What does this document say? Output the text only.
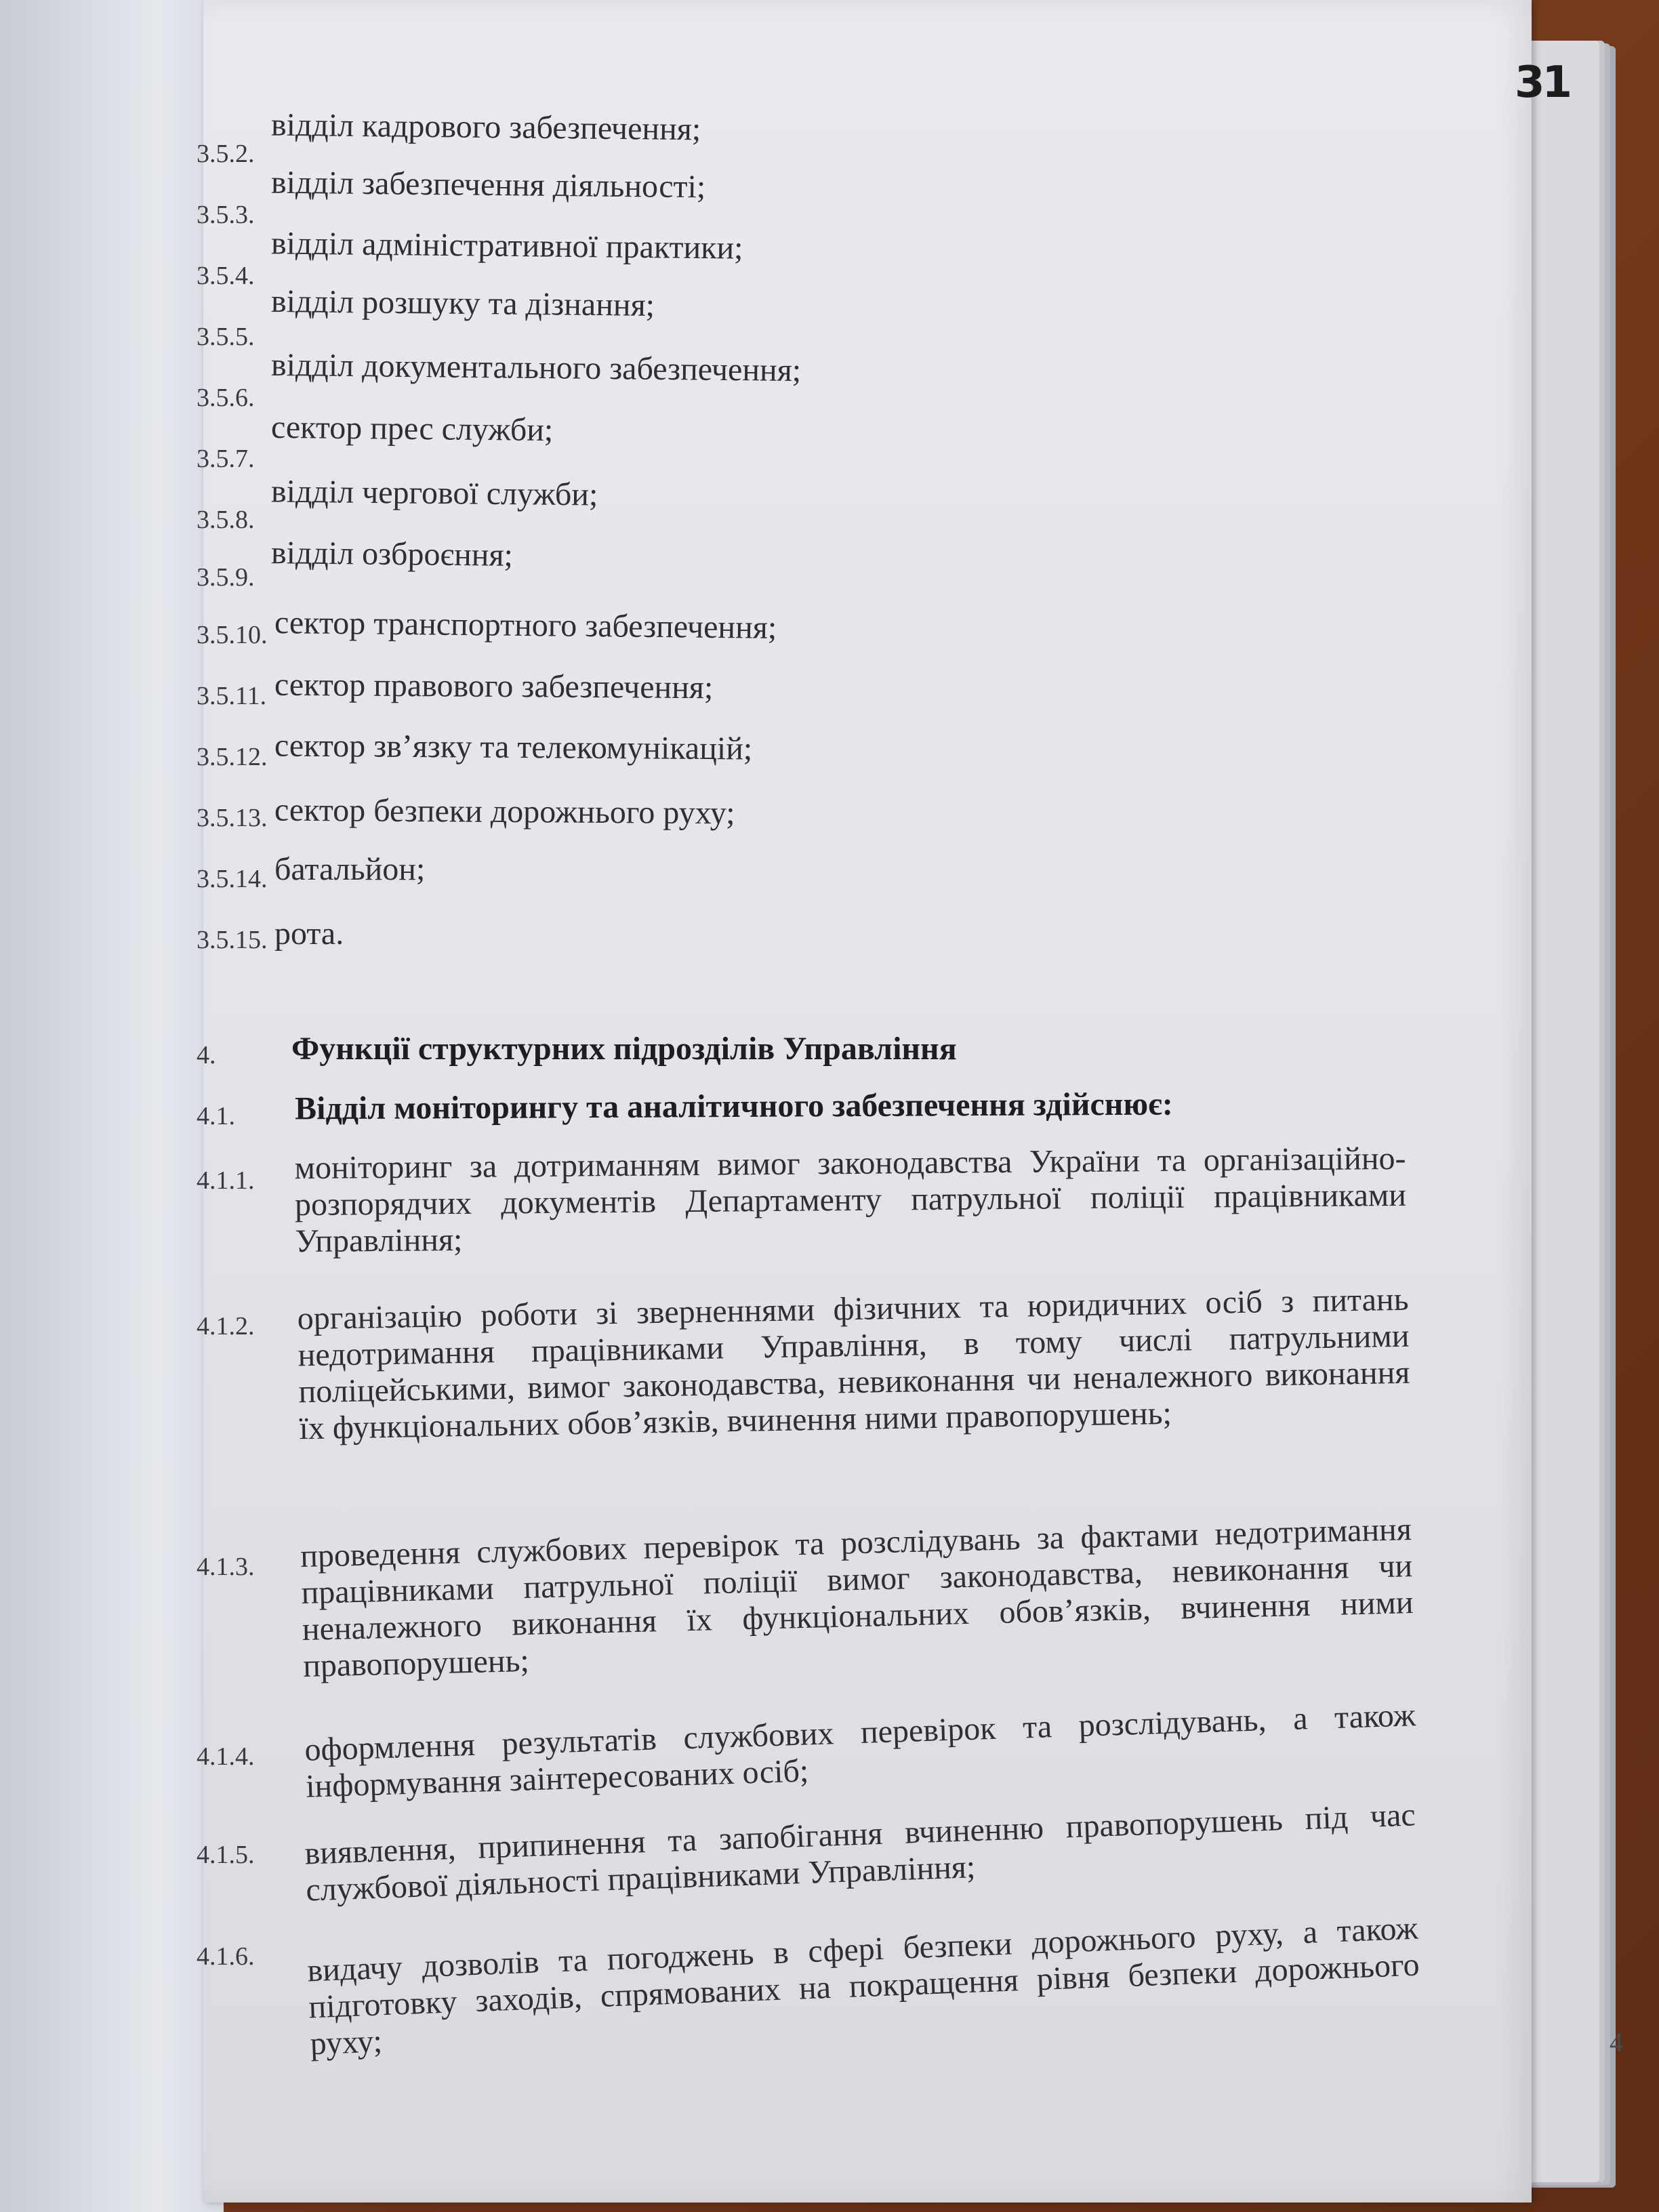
31
3.5.2.
відділ кадрового забезпечення;
3.5.3.
відділ забезпечення діяльності;
3.5.4.
відділ адміністративної практики;
3.5.5.
відділ розшуку та дізнання;
3.5.6.
відділ документального забезпечення;
3.5.7.
сектор прес служби;
3.5.8.
відділ чергової служби;
3.5.9.
відділ озброєння;
3.5.10. сектор транспортного забезпечення;
3.5.11. сектор правового забезпечення;
3.5.12. сектор зв’язку та телекомунікацій;
3.5.13. сектор безпеки дорожнього руху;
3.5.14. батальйон;
3.5.15. рота.
4. Функції структурних підрозділів Управління
4.1. Відділ моніторингу та аналітичного забезпечення здійснює:
4.1.1. моніторинг за дотриманням вимог законодавства України та організаційно-розпорядчих документів Департаменту патрульної поліції працівниками Управління;
4.1.2. організацію роботи зі зверненнями фізичних та юридичних осіб з питань недотримання працівниками Управління, в тому числі патрульними поліцейськими, вимог законодавства, невиконання чи неналежного виконання їх функціональних обов’язків, вчинення ними правопорушень;
4.1.3. проведення службових перевірок та розслідувань за фактами недотримання працівниками патрульної поліції вимог законодавства, невиконання чи неналежного виконання їх функціональних обов’язків, вчинення ними правопорушень;
4.1.4. оформлення результатів службових перевірок та розслідувань, а також інформування заінтересованих осіб;
4.1.5. виявлення, припинення та запобігання вчиненню правопорушень під час службової діяльності працівниками Управління;
4.1.6. видачу дозволів та погоджень в сфері безпеки дорожнього руху, а також підготовку заходів, спрямованих на покращення рівня безпеки дорожнього руху;	4
